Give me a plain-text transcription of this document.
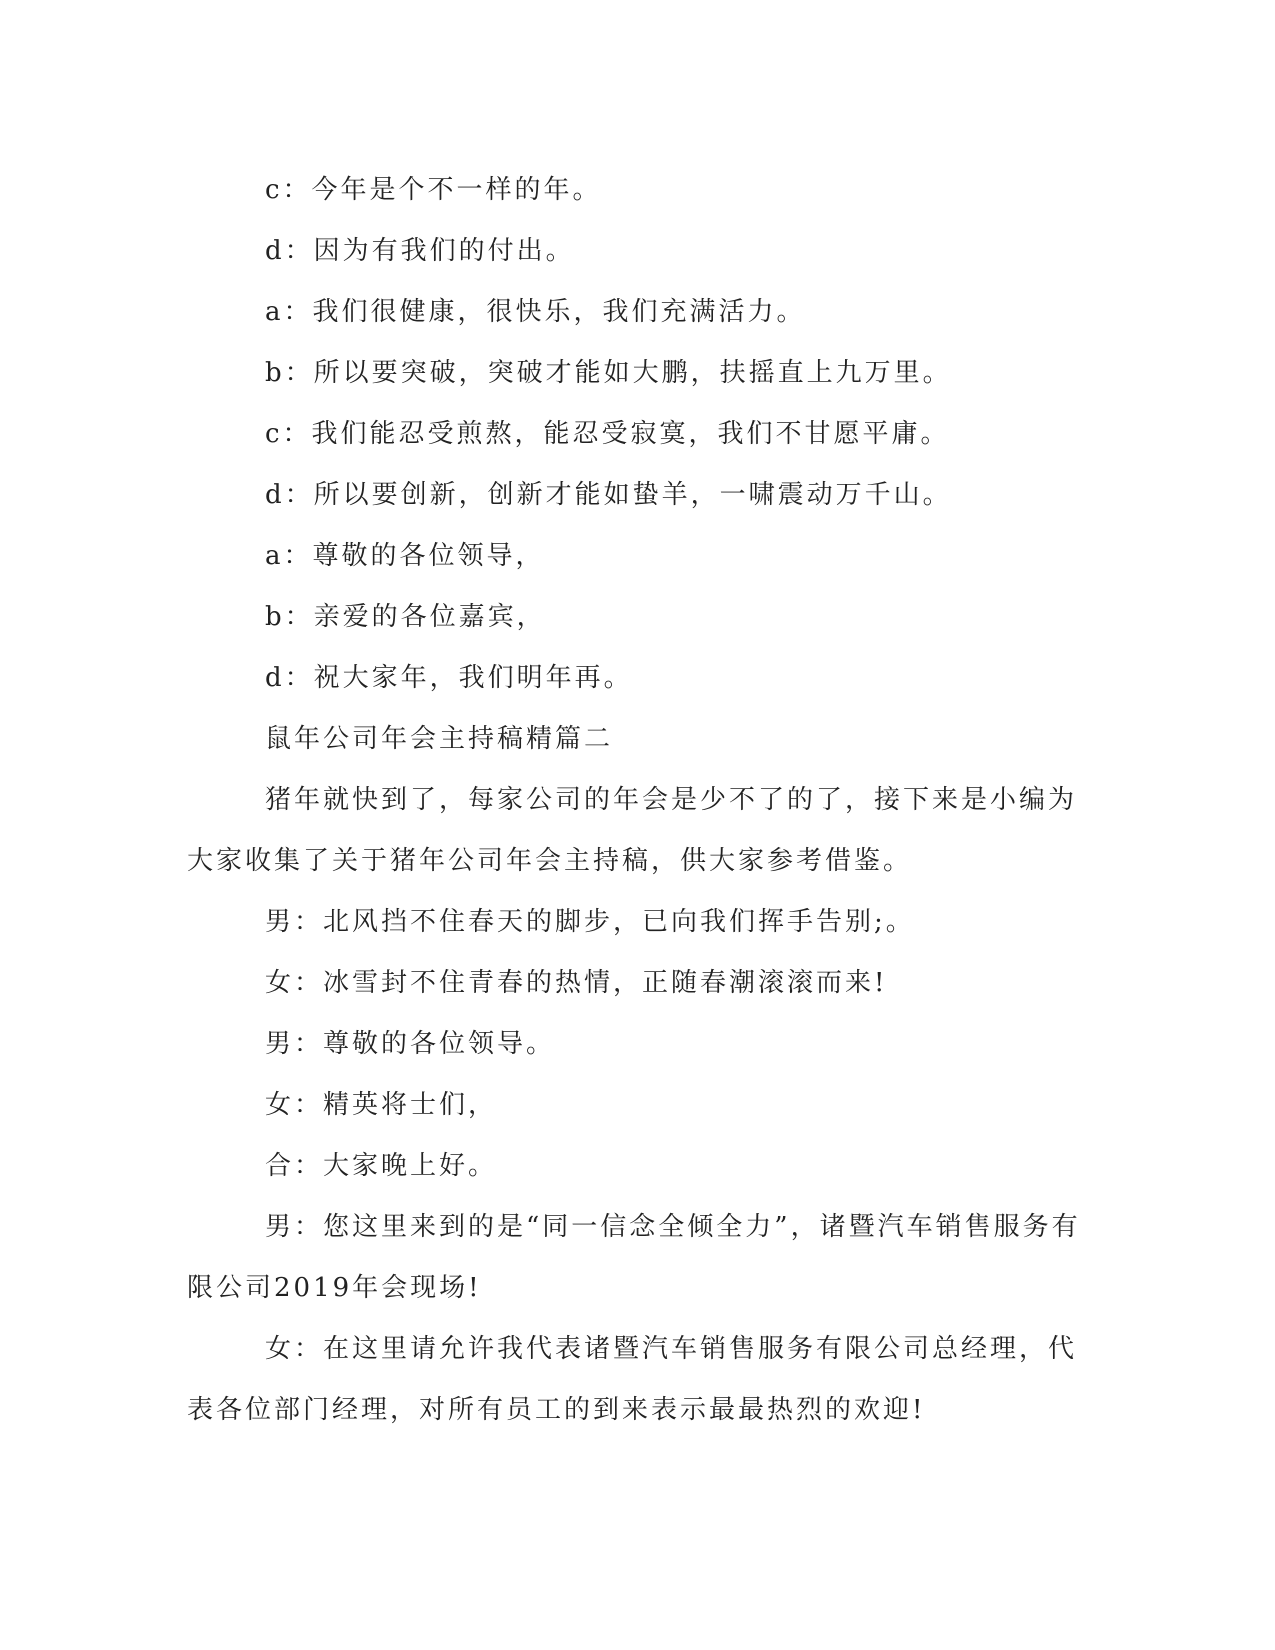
c：今年是个不一样的年。
d：因为有我们的付出。
a：我们很健康，很快乐，我们充满活力。
b：所以要突破，突破才能如大鹏，扶摇直上九万里。
c：我们能忍受煎熬，能忍受寂寞，我们不甘愿平庸。
d：所以要创新，创新才能如蛰羊，一啸震动万千山。
a：尊敬的各位领导，
b：亲爱的各位嘉宾，
d：祝大家年，我们明年再。
鼠年公司年会主持稿精篇二
猪年就快到了，每家公司的年会是少不了的了，接下来是小编为
大家收集了关于猪年公司年会主持稿，供大家参考借鉴。
男：北风挡不住春天的脚步，已向我们挥手告别;。
女：冰雪封不住青春的热情，正随春潮滚滚而来!
男：尊敬的各位领导。
女：精英将士们，
合：大家晚上好。
男：您这里来到的是“同一信念全倾全力”，诸暨汽车销售服务有
限公司2019年会现场!
女：在这里请允许我代表诸暨汽车销售服务有限公司总经理，代
表各位部门经理，对所有员工的到来表示最最热烈的欢迎!
